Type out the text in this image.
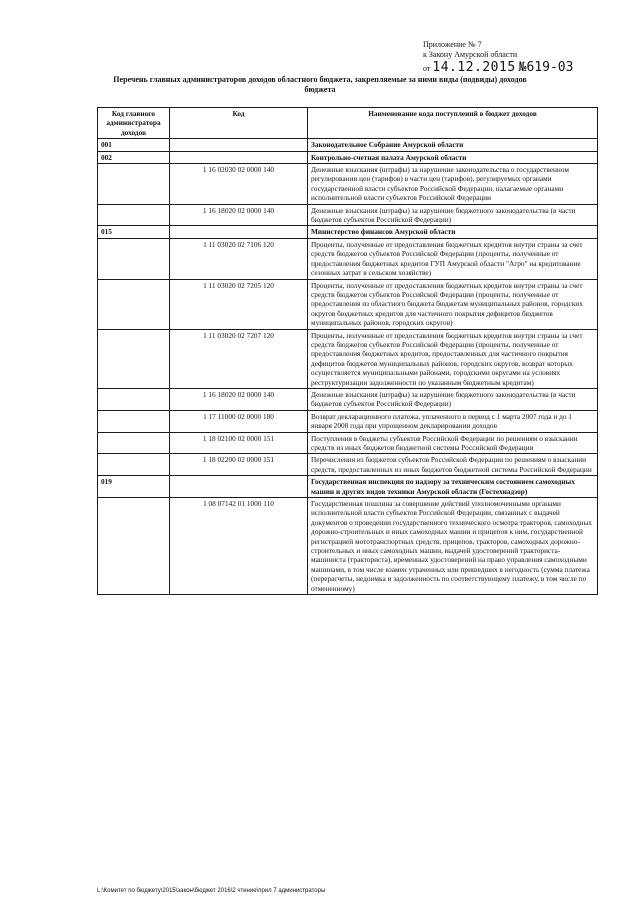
Приложение № 7
к Закону Амурской области
от 14.12.2015 №619-03
Перечень главных администраторов доходов областного бюджета, закрепляемые за ними виды (подвиды) доходов бюджета
Код главного администратора доходов	Код	Наименование кода поступлений в бюджет доходов
001		Законодательное Собрание Амурской области
002		Контрольно-счетная палата Амурской области
	1 16 02030 02 0000 140	Денежные взыскания (штрафы) за нарушение законодательства о государственном регулировании цен (тарифов) в части цен (тарифов), регулируемых органами государственной власти субъектов Российской Федерации, налагаемые органами исполнительной власти субъектов Российской Федерации
	1 16 18020 02 0000 140	Денежные взыскания (штрафы) за нарушение бюджетного законодательства (в части бюджетов субъектов Российской Федерации)
015		Министерство финансов Амурской области
	1 11 03020 02 7106 120	Проценты, полученные от предоставления бюджетных кредитов внутри страны за счет средств бюджетов субъектов Российской Федерации (проценты, полученные от предоставления бюджетных кредитов ГУП Амурской области "Агро" на кредитование сезонных затрат в сельском хозяйстве)
	1 11 03020 02 7205 120	Проценты, полученные от предоставления бюджетных кредитов внутри страны за счет средств бюджетов субъектов Российской Федерации (проценты, полученные от предоставления из областного бюджета бюджетам муниципальных районов, городских округов бюджетных кредитов для частичного покрытия дефицитов бюджетов муниципальных районов, городских округов)
	1 11 03020 02 7207 120	Проценты, полученные от предоставления бюджетных кредитов внутри страны за счет средств бюджетов субъектов Российской Федерации (проценты, полученные от предоставления бюджетных кредитов, предоставленных для частичного покрытия дефицитов бюджетов муниципальных районов, городских округов, возврат которых осуществляется муниципальными районами, городскими округами на условиях реструктуризации задолженности по указанным бюджетным кредитам)
	1 16 18020 02 0000 140	Денежные взыскания (штрафы) за нарушение бюджетного законодательства (в части бюджетов субъектов Российской Федерации)
	1 17 11000 02 0000 180	Возврат декларационного платежа, уплаченного в период с 1 марта 2007 года и до 1 января 2008 года при упрощенном декларировании доходов
	1 18 02100 02 0000 151	Поступления в бюджеты субъектов Российской Федерации по решениям о взыскании средств из иных бюджетов бюджетной системы Российской Федерации
	1 18 02200 02 0000 151	Перечисления из бюджетов субъектов Российской Федерации по решениям о взыскании средств, предоставленных из иных бюджетов бюджетной системы Российской Федерации
019		Государственная инспекция по надзору за техническим состоянием самоходных машин и других видов техники Амурской области (Гостехнадзор)
	1 08 07142 01 1000 110	Государственная пошлина за совершение действий уполномоченными органами исполнительной власти субъектов Российской Федерации, связанных с выдачей документов о проведении государственного технического осмотра тракторов, самоходных дорожно-строительных и иных самоходных машин и прицепов к ним, государственной регистрацией мототранспортных средств, прицепов, тракторов, самоходных дорожно-строительных и иных самоходных машин, выдачей удостоверений тракториста-машиниста (тракториста), временных удостоверений на право управления самоходными машинами, в том числе взамен утраченных или пришедших в негодность (сумма платежа (перерасчеты, недоимка и задолженность по соответствующему платежу, в том числе по отмененному)
L:\Комитет по бюджету\2015\закон\бюджет 2016\2 чтение\прил 7 администраторы
